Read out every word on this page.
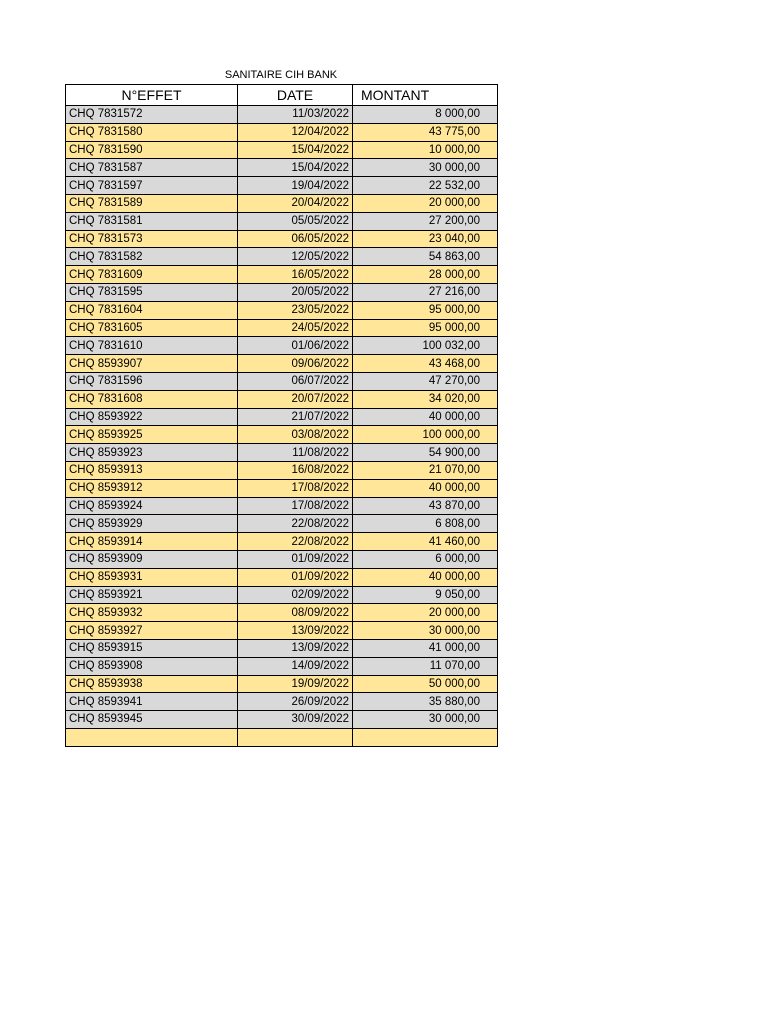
SANITAIRE CIH BANK
N°EFFET	DATE	MONTANT
CHQ 7831572	11/03/2022	8 000,00
CHQ 7831580	12/04/2022	43 775,00
CHQ 7831590	15/04/2022	10 000,00
CHQ 7831587	15/04/2022	30 000,00
CHQ 7831597	19/04/2022	22 532,00
CHQ 7831589	20/04/2022	20 000,00
CHQ 7831581	05/05/2022	27 200,00
CHQ 7831573	06/05/2022	23 040,00
CHQ 7831582	12/05/2022	54 863,00
CHQ 7831609	16/05/2022	28 000,00
CHQ 7831595	20/05/2022	27 216,00
CHQ 7831604	23/05/2022	95 000,00
CHQ 7831605	24/05/2022	95 000,00
CHQ 7831610	01/06/2022	100 032,00
CHQ 8593907	09/06/2022	43 468,00
CHQ 7831596	06/07/2022	47 270,00
CHQ 7831608	20/07/2022	34 020,00
CHQ 8593922	21/07/2022	40 000,00
CHQ 8593925	03/08/2022	100 000,00
CHQ 8593923	11/08/2022	54 900,00
CHQ 8593913	16/08/2022	21 070,00
CHQ 8593912	17/08/2022	40 000,00
CHQ 8593924	17/08/2022	43 870,00
CHQ 8593929	22/08/2022	6 808,00
CHQ 8593914	22/08/2022	41 460,00
CHQ 8593909	01/09/2022	6 000,00
CHQ 8593931	01/09/2022	40 000,00
CHQ 8593921	02/09/2022	9 050,00
CHQ 8593932	08/09/2022	20 000,00
CHQ 8593927	13/09/2022	30 000,00
CHQ 8593915	13/09/2022	41 000,00
CHQ 8593908	14/09/2022	11 070,00
CHQ 8593938	19/09/2022	50 000,00
CHQ 8593941	26/09/2022	35 880,00
CHQ 8593945	30/09/2022	30 000,00
